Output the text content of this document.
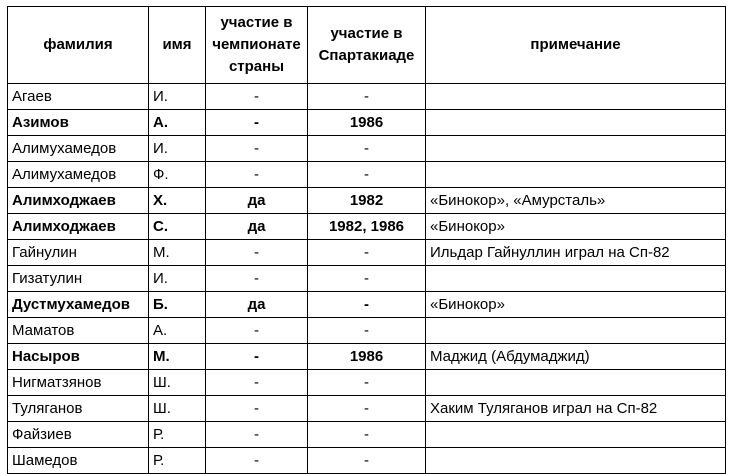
фамилия	имя	участие в чемпионате страны	участие в Спартакиаде	примечание
Агаев	И.	-	-	
Азимов	А.	-	1986	
Алимухамедов	И.	-	-	
Алимухамедов	Ф.	-	-	
Алимходжаев	Х.	да	1982	«Бинокор», «Амурсталь»
Алимходжаев	С.	да	1982, 1986	«Бинокор»
Гайнулин	М.	-	-	Ильдар Гайнуллин играл на Сп-82
Гизатулин	И.	-	-	
Дустмухамедов	Б.	да	-	«Бинокор»
Маматов	А.	-	-	
Насыров	М.	-	1986	Маджид (Абдумаджид)
Нигматзянов	Ш.	-	-	
Туляганов	Ш.	-	-	Хаким Туляганов играл на Сп-82
Файзиев	Р.	-	-	
Шамедов	Р.	-	-	
